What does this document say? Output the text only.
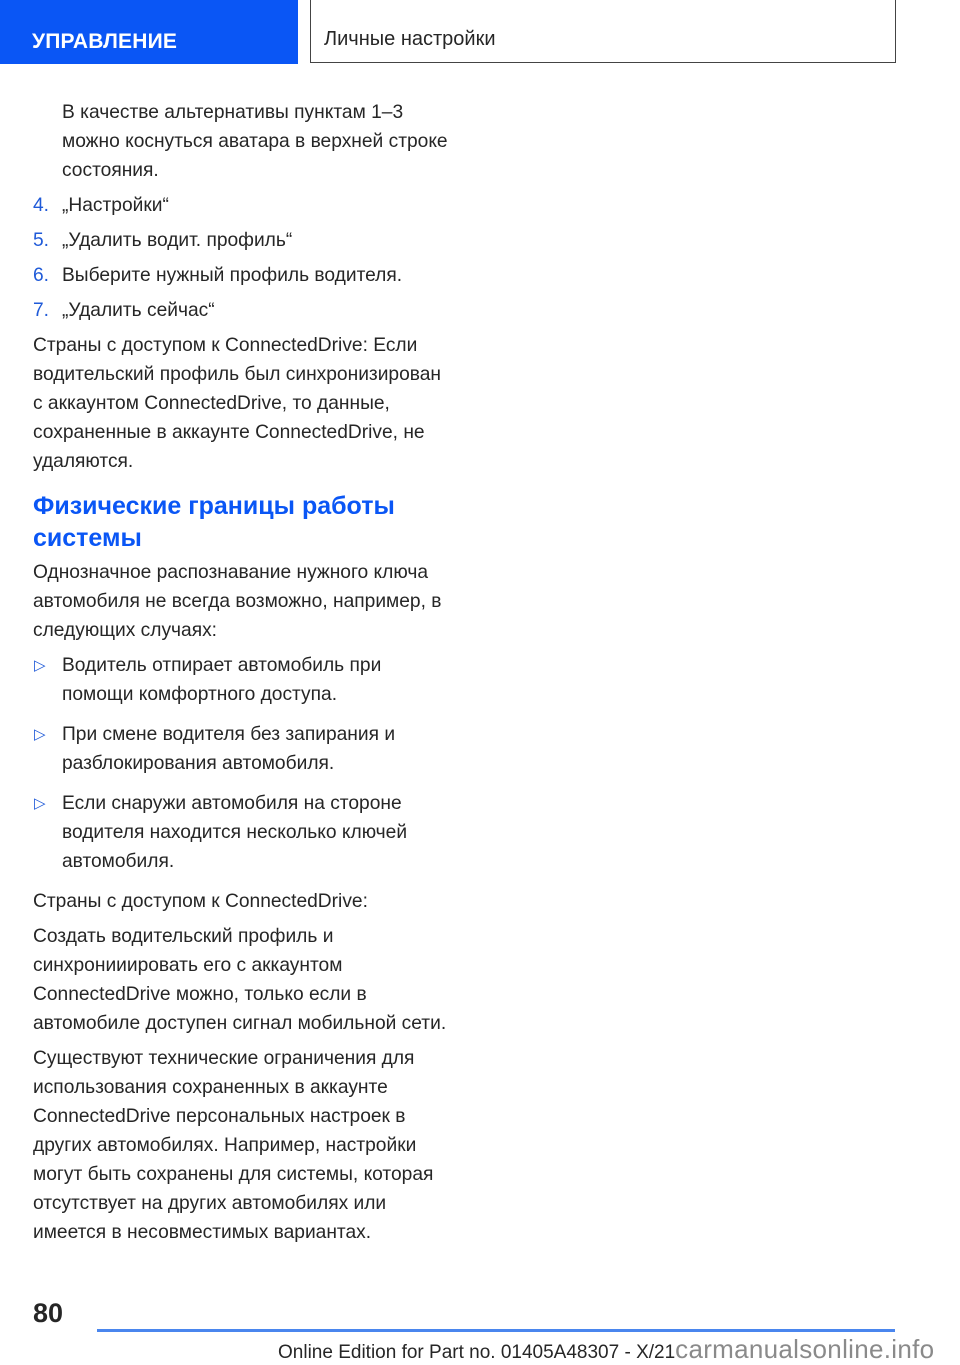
УПРАВЛЕНИЕ	Личные настройки

В качестве альтернативы пунктам 1–3 можно коснуться аватара в верхней строке состояния.

4. „Настройки“
5. „Удалить водит. профиль“
6. Выберите нужный профиль водителя.
7. „Удалить сейчас“

Страны с доступом к ConnectedDrive: Если водительский профиль был синхронизирован с аккаунтом ConnectedDrive, то данные, сохраненные в аккаунте ConnectedDrive, не удаляются.

Физические границы работы системы

Однозначное распознавание нужного ключа автомобиля не всегда возможно, например, в следующих случаях:

▷ Водитель отпирает автомобиль при помощи комфортного доступа.
▷ При смене водителя без запирания и разблокирования автомобиля.
▷ Если снаружи автомобиля на стороне водителя находится несколько ключей автомобиля.

Страны с доступом к ConnectedDrive:

Создать водительский профиль и синхронииировать его с аккаунтом ConnectedDrive можно, только если в автомобиле доступен сигнал мобильной сети.

Существуют технические ограничения для использования сохраненных в аккаунте ConnectedDrive персональных настроек в других автомобилях. Например, настройки могут быть сохранены для системы, которая отсутствует на других автомобилях или имеется в несовместимых вариантах.

80
Online Edition for Part no. 01405A48307 - X/21carmanualsonline.info
